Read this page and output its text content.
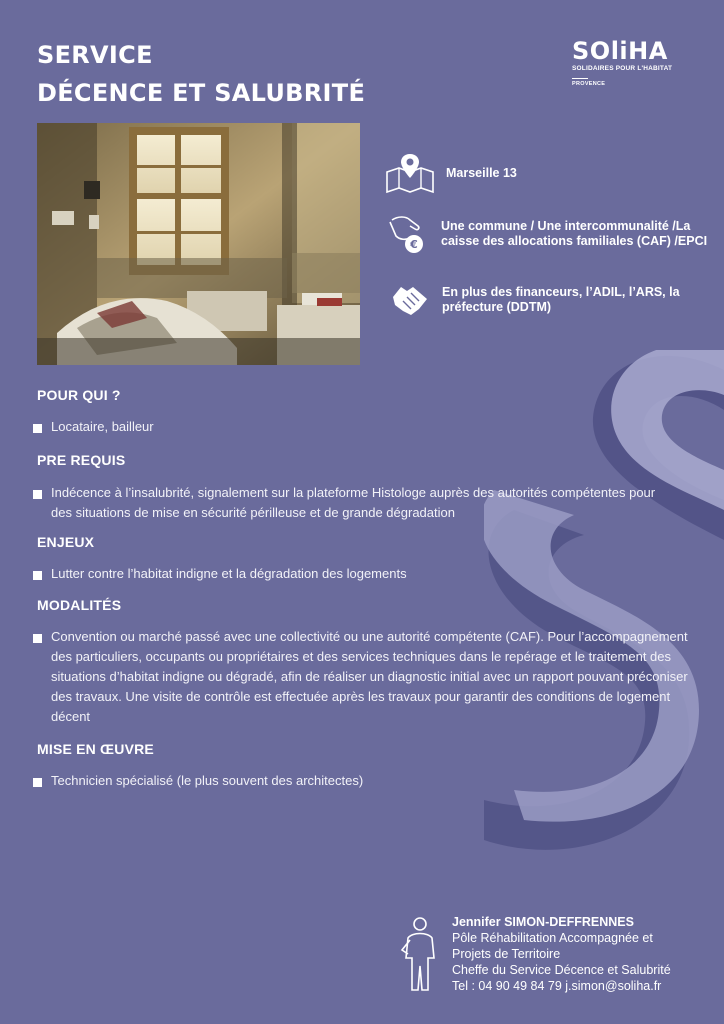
SERVICE
DÉCENCE ET SALUBRITÉ
SOliHA
SOLIDAIRES POUR L'HABITAT
PROVENCE
Marseille 13
€
Une commune / Une intercommunalité /La caisse des allocations familiales (CAF) /EPCI
En plus des financeurs, l’ADIL, l’ARS, la préfecture (DDTM)
POUR QUI ?
Locataire, bailleur
PRE REQUIS
Indécence à l’insalubrité, signalement sur la plateforme Histologe auprès des autorités compétentes pour des situations de mise en sécurité périlleuse et de grande dégradation
ENJEUX
Lutter contre l’habitat indigne et la dégradation des logements
MODALITÉS
Convention ou marché passé avec une collectivité ou une autorité compétente (CAF). Pour l’accompagnement des particuliers, occupants ou propriétaires et des services techniques dans le repérage et le traitement des situations d’habitat indigne ou dégradé, afin de réaliser un diagnostic initial avec un rapport pouvant préconiser des travaux. Une visite de contrôle est effectuée après les travaux pour garantir des conditions de logement décent
MISE EN ŒUVRE
Technicien spécialisé (le plus souvent des architectes)
Jennifer SIMON-DEFFRENNES
Pôle Réhabilitation Accompagnée et
Projets de Territoire
Cheffe du Service Décence et Salubrité
Tel : 04 90 49 84 79 j.simon@soliha.fr
